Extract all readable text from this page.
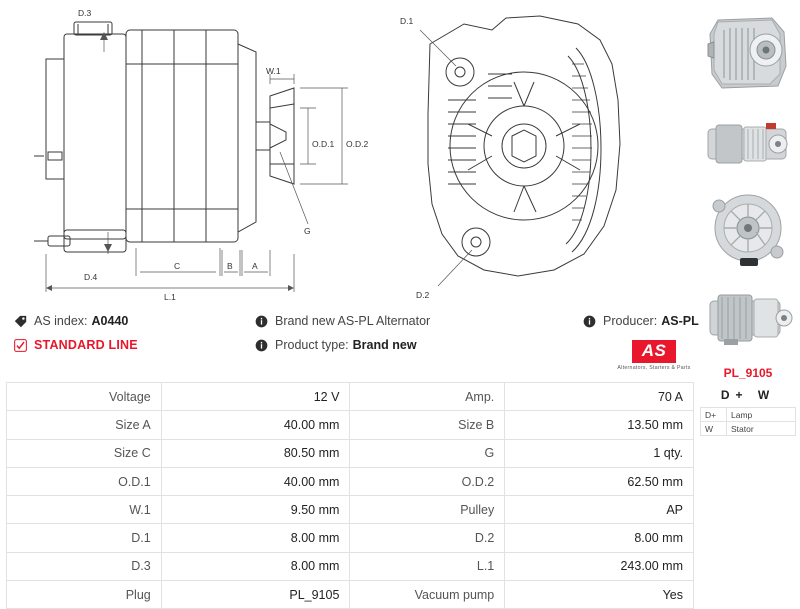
D.3
D.4
W.1
O.D.1 O.D.2
G
C	B A
L.1
D.1
D.2
PL_9105
D+ W
D+	Lamp
W	Stator
AS index: A0440
STANDARD LINE
Brand new AS-PL Alternator
Product type: Brand new
Producer: AS-PL
AS
Alternators, Starters & Parts
Voltage	12 V	Amp.	70 A
Size A	40.00 mm	Size B	13.50 mm
Size C	80.50 mm	G	1 qty.
O.D.1	40.00 mm	O.D.2	62.50 mm
W.1	9.50 mm	Pulley	AP
D.1	8.00 mm	D.2	8.00 mm
D.3	8.00 mm	L.1	243.00 mm
Plug	PL_9105	Vacuum pump	Yes
